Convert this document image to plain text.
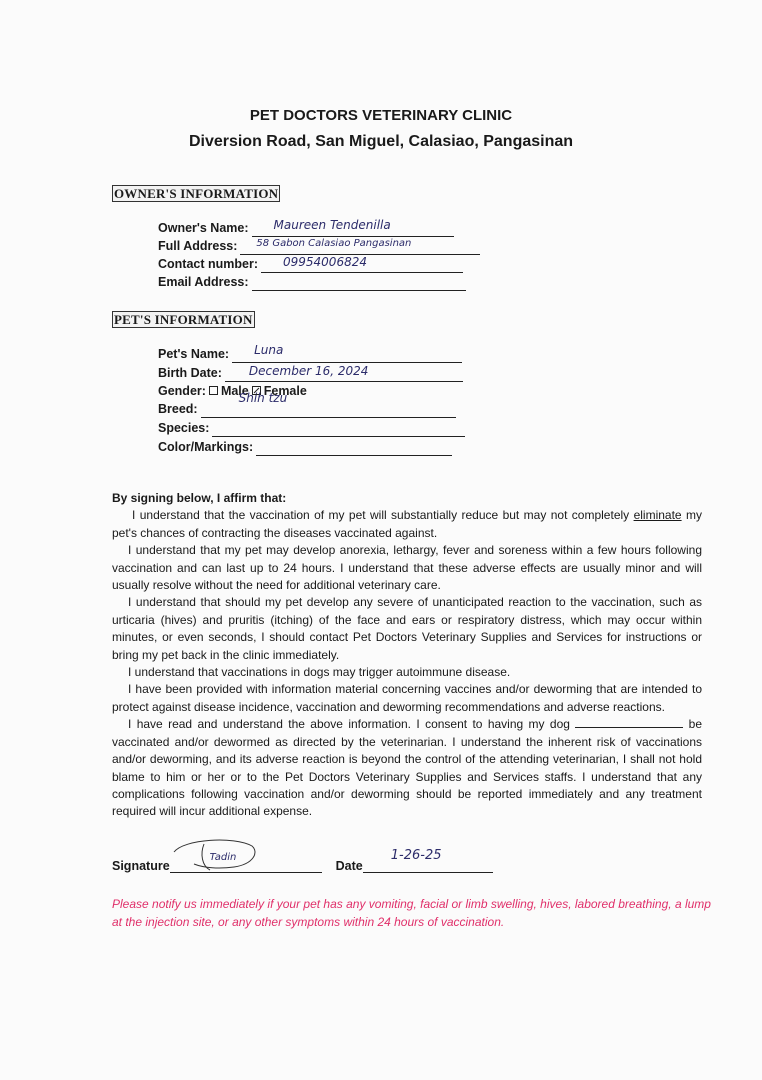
PET DOCTORS VETERINARY CLINIC
Diversion Road, San Miguel, Calasiao, Pangasinan
OWNER'S INFORMATION
Owner's Name: Maureen Tendenilla
Full Address: 58 Gabon Calasiao Pangasinan
Contact number: 09954006824
Email Address:
PET'S INFORMATION
Pet's Name: Luna
Birth Date: December 16, 2024
Gender: Male Female
Breed:
Shih tzu
Species:
Color/Markings:
By signing below, I affirm that:

I understand that the vaccination of my pet will substantially reduce but may not completely eliminate my pet's chances of contracting the diseases vaccinated against.

I understand that my pet may develop anorexia, lethargy, fever and soreness within a few hours following vaccination and can last up to 24 hours. I understand that these adverse effects are usually minor and will usually resolve without the need for additional veterinary care.

I understand that should my pet develop any severe of unanticipated reaction to the vaccination, such as urticaria (hives) and pruritis (itching) of the face and ears or respiratory distress, which may occur within minutes, or even seconds, I should contact Pet Doctors Veterinary Supplies and Services for instructions or bring my pet back in the clinic immediately.

I understand that vaccinations in dogs may trigger autoimmune disease.

I have been provided with information material concerning vaccines and/or deworming that are intended to protect against disease incidence, vaccination and deworming recommendations and adverse reactions.

I have read and understand the above information. I consent to having my dog	be vaccinated and/or dewormed as directed by the veterinarian. I understand the inherent risk of vaccinations and/or deworming, and its adverse reaction is beyond the control of the attending veterinarian, I shall not hold blame to him or her or to the Pet Doctors Veterinary Supplies and Services staffs. I understand that any complications following vaccination and/or deworming should be reported immediately and any treatment required will incur additional expense.

Signature
Tadin
Date
1-26-25
Please notify us immediately if your pet has any vomiting, facial or limb swelling, hives, labored breathing, a lump at the injection site, or any other symptoms within 24 hours of vaccination.
